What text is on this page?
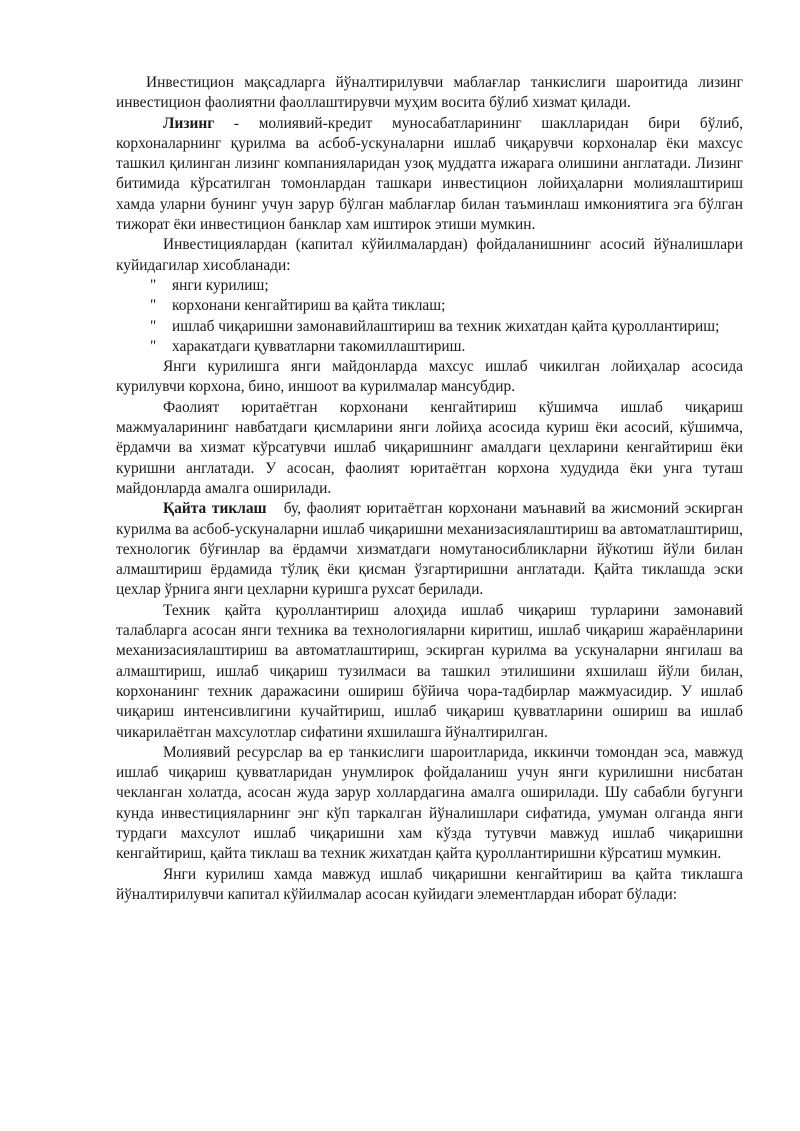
Инвестицион мақсадларга йўналтирилувчи маблағлар танкислиги шароитида лизинг инвестицион фаолиятни фаоллаштирувчи муҳим восита бўлиб хизмат қилади.

Лизинг - молиявий-кредит муносабатларининг шаклларидан бири бўлиб, корхоналарнинг қурилма ва асбоб-ускуналарни ишлаб чиқарувчи корхоналар ёки махсус ташкил қилинган лизинг компанияларидан узоқ муддатга ижарага олишини англатади. Лизинг битимида кўрсатилган томонлардан ташкари инвестицион лойиҳаларни молиялаштириш хамда уларни бунинг учун зарур бўлган маблағлар билан таъминлаш имкониятига эга бўлган тижорат ёки инвестицион банклар хам иштирок этиши мумкин.

Инвестициялардан (капитал кўйилмалардан) фойдаланишнинг асосий йўналишлари куйидагилар хисобланади:

" янги курилиш;
" корхонани кенгайтириш ва қайта тиклаш;
" ишлаб чиқаришни замонавийлаштириш ва техник жихатдан қайта қуроллантириш;
" харакатдаги қувватларни такомиллаштириш.

Янги курилишга янги майдонларда махсус ишлаб чикилган лойиҳалар асосида курилувчи корхона, бино, иншоот ва курилмалар мансубдир.

Фаолият юритаётган корхонани кенгайтириш кўшимча ишлаб чиқариш мажмуаларининг навбатдаги қисмларини янги лойиҳа асосида куриш ёки асосий, кўшимча, ёрдамчи ва хизмат кўрсатувчи ишлаб чиқаришнинг амалдаги цехларини кенгайтириш ёки куришни англатади. У асосан, фаолият юритаётган корхона худудида ёки унга туташ майдонларда амалга оширилади.

Қайта тиклаш   бу, фаолият юритаётган корхонани маънавий ва жисмоний эскирган курилма ва асбоб-ускуналарни ишлаб чиқаришни механизасиялаштириш ва автоматлаштириш, технологик бўғинлар ва ёрдамчи хизматдаги номутаносибликларни йўкотиш йўли билан алмаштириш ёрдамида тўлиқ ёки қисман ўзгартиришни англатади. Қайта тиклашда эски цехлар ўрнига янги цехларни куришга рухсат берилади.

Техник қайта қуроллантириш алоҳида ишлаб чиқариш турларини замонавий талабларга асосан янги техника ва технологияларни киритиш, ишлаб чиқариш жараёнларини механизасиялаштириш ва автоматлаштириш, эскирган курилма ва ускуналарни янгилаш ва алмаштириш, ишлаб чиқариш тузилмаси ва ташкил этилишини яхшилаш йўли билан, корхонанинг техник даражасини ошириш бўйича чора-тадбирлар мажмуасидир. У ишлаб чиқариш интенсивлигини кучайтириш, ишлаб чиқариш қувватларини ошириш ва ишлаб чикарилаётган махсулотлар сифатини яхшилашга йўналтирилган.

Молиявий ресурслар ва ер танкислиги шароитларида, иккинчи томондан эса, мавжуд ишлаб чиқариш қувватларидан унумлирок фойдаланиш учун янги курилишни нисбатан чекланган холатда, асосан жуда зарур холлардагина амалга оширилади. Шу сабабли бугунги кунда инвестицияларнинг энг кўп таркалган йўналишлари сифатида, умуман олганда янги турдаги махсулот ишлаб чиқаришни хам кўзда тутувчи мавжуд ишлаб чиқаришни кенгайтириш, қайта тиклаш ва техник жихатдан қайта қуроллантиришни кўрсатиш мумкин.

Янги курилиш хамда мавжуд ишлаб чиқаришни кенгайтириш ва қайта тиклашга йўналтирилувчи капитал кўйилмалар асосан куйидаги элементлардан иборат бўлади:
